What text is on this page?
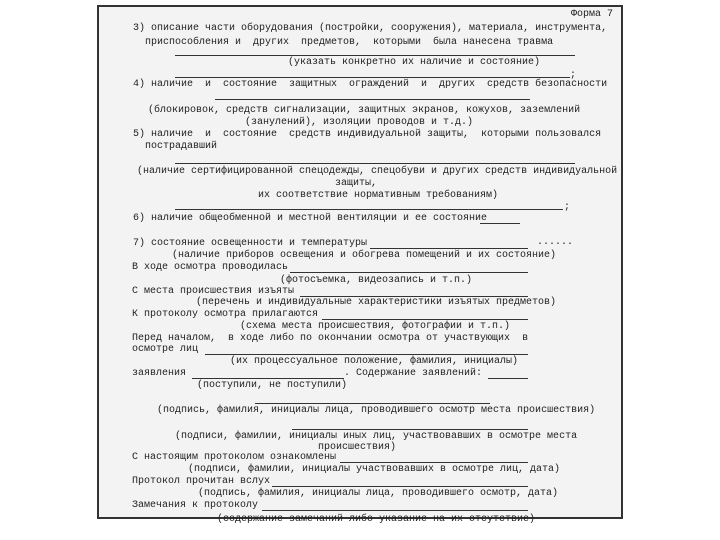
Форма 7
3) описание части оборудования (постройки, сооружения), материала, инструмента,
приспособления и  других  предметов,  которыми  была нанесена травма
(указать конкретно их наличие и состояние)
;
4) наличие  и  состояние  защитных  ограждений  и  других  средств безопасности
(блокировок, средств сигнализации, защитных экранов, кожухов, заземлений
(занулений), изоляции проводов и т.д.)
5) наличие  и  состояние  средств индивидуальной защиты,  которыми пользовался
пострадавший
(наличие сертифицированной спецодежды, спецобуви и других средств индивидуальной
защиты,
их соответствие нормативным требованиям)
;
6) наличие общеобменной и местной вентиляции и ее состояние
7) состояние освещенности и температуры	......
(наличие приборов освещения и обогрева помещений и их состояние)
В ходе осмотра проводилась
(фотосъемка, видеозапись и т.п.)
С места происшествия изъяты
(перечень и индивидуальные характеристики изъятых предметов)
К протоколу осмотра прилагаются
(схема места происшествия, фотографии и т.п.)
Перед началом,  в ходе либо по окончании осмотра от участвующих  в
осмотре лиц
(их процессуальное положение, фамилия, инициалы)
заявления	. Содержание заявлений:
(поступили, не поступили)
(подпись, фамилия, инициалы лица, проводившего осмотр места происшествия)
(подписи, фамилии, инициалы иных лиц, участвовавших в осмотре места
происшествия)
С настоящим протоколом ознакомлены
(подписи, фамилии, инициалы участвовавших в осмотре лиц, дата)
Протокол прочитан вслух
(подпись, фамилия, инициалы лица, проводившего осмотр, дата)
Замечания к протоколу
(содержание замечаний либо указание на их отсутствие)
